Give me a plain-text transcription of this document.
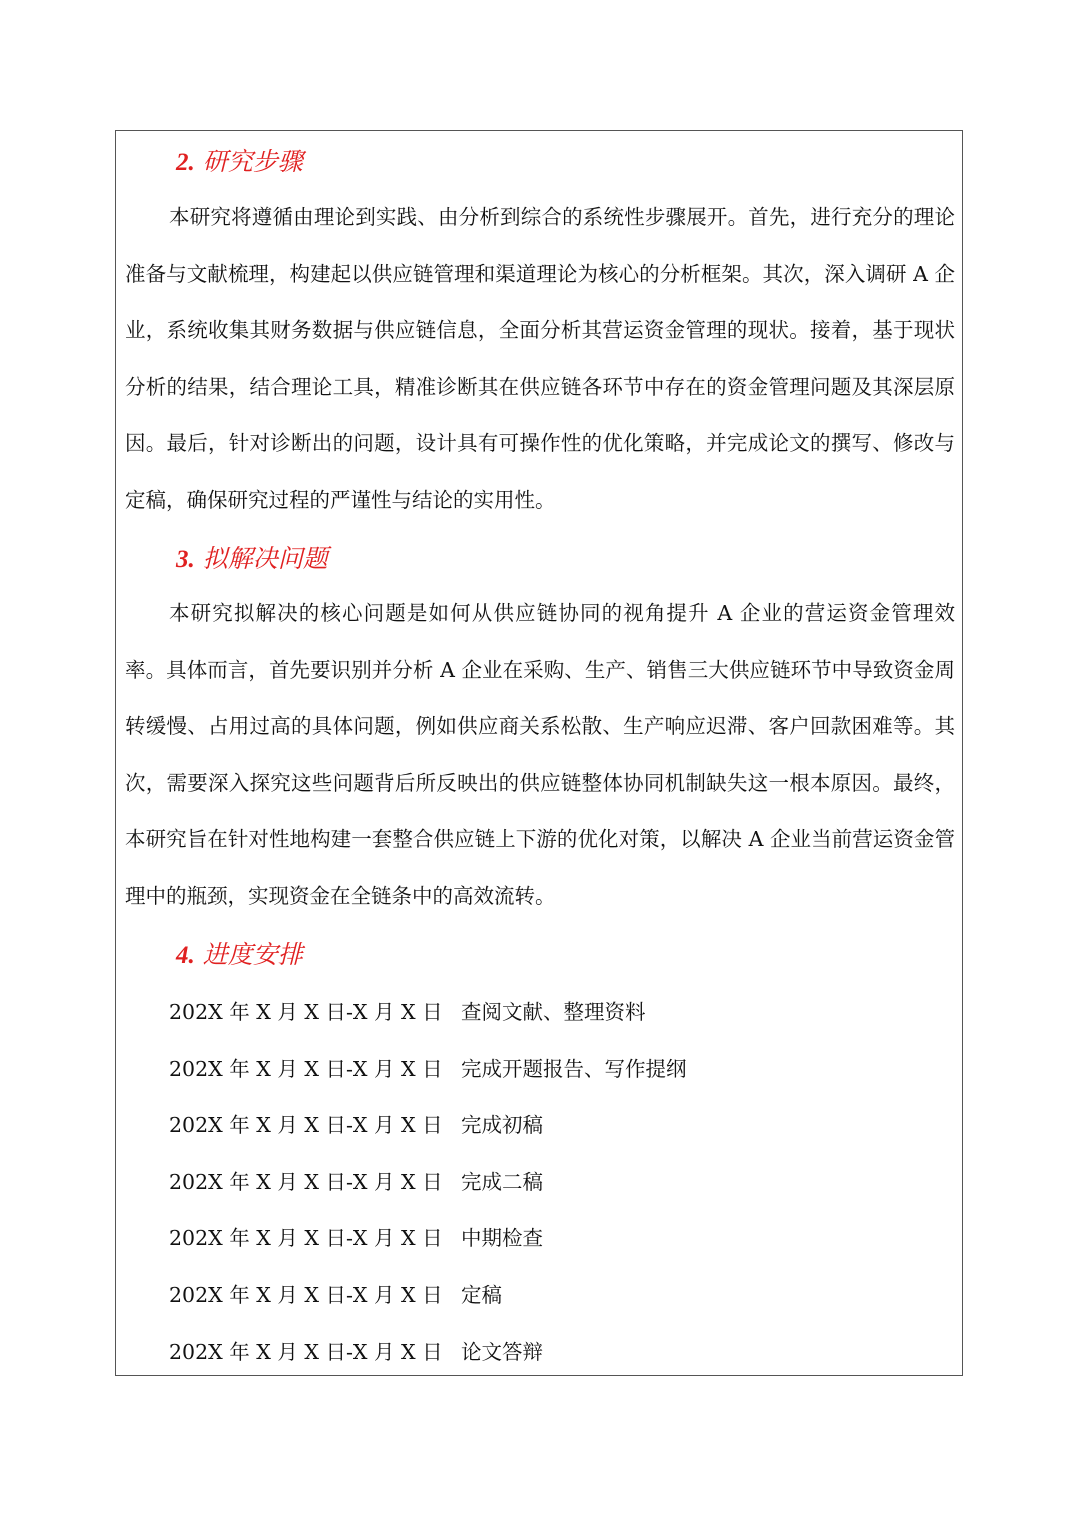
2. 研究步骤

本研究将遵循由理论到实践、由分析到综合的系统性步骤展开。首先，进行充分的理论准备与文献梳理，构建起以供应链管理和渠道理论为核心的分析框架。其次，深入调研 A 企业，系统收集其财务数据与供应链信息，全面分析其营运资金管理的现状。接着，基于现状分析的结果，结合理论工具，精准诊断其在供应链各环节中存在的资金管理问题及其深层原因。最后，针对诊断出的问题，设计具有可操作性的优化策略，并完成论文的撰写、修改与定稿，确保研究过程的严谨性与结论的实用性。

3. 拟解决问题

本研究拟解决的核心问题是如何从供应链协同的视角提升 A 企业的营运资金管理效率。具体而言，首先要识别并分析 A 企业在采购、生产、销售三大供应链环节中导致资金周转缓慢、占用过高的具体问题，例如供应商关系松散、生产响应迟滞、客户回款困难等。其次，需要深入探究这些问题背后所反映出的供应链整体协同机制缺失这一根本原因。最终，本研究旨在针对性地构建一套整合供应链上下游的优化对策，以解决 A 企业当前营运资金管理中的瓶颈，实现资金在全链条中的高效流转。

4. 进度安排
202X 年 X 月 X 日-X 月 X 日 查阅文献、整理资料
202X 年 X 月 X 日-X 月 X 日 完成开题报告、写作提纲
202X 年 X 月 X 日-X 月 X 日 完成初稿
202X 年 X 月 X 日-X 月 X 日 完成二稿
202X 年 X 月 X 日-X 月 X 日 中期检查
202X 年 X 月 X 日-X 月 X 日 定稿
202X 年 X 月 X 日-X 月 X 日 论文答辩
